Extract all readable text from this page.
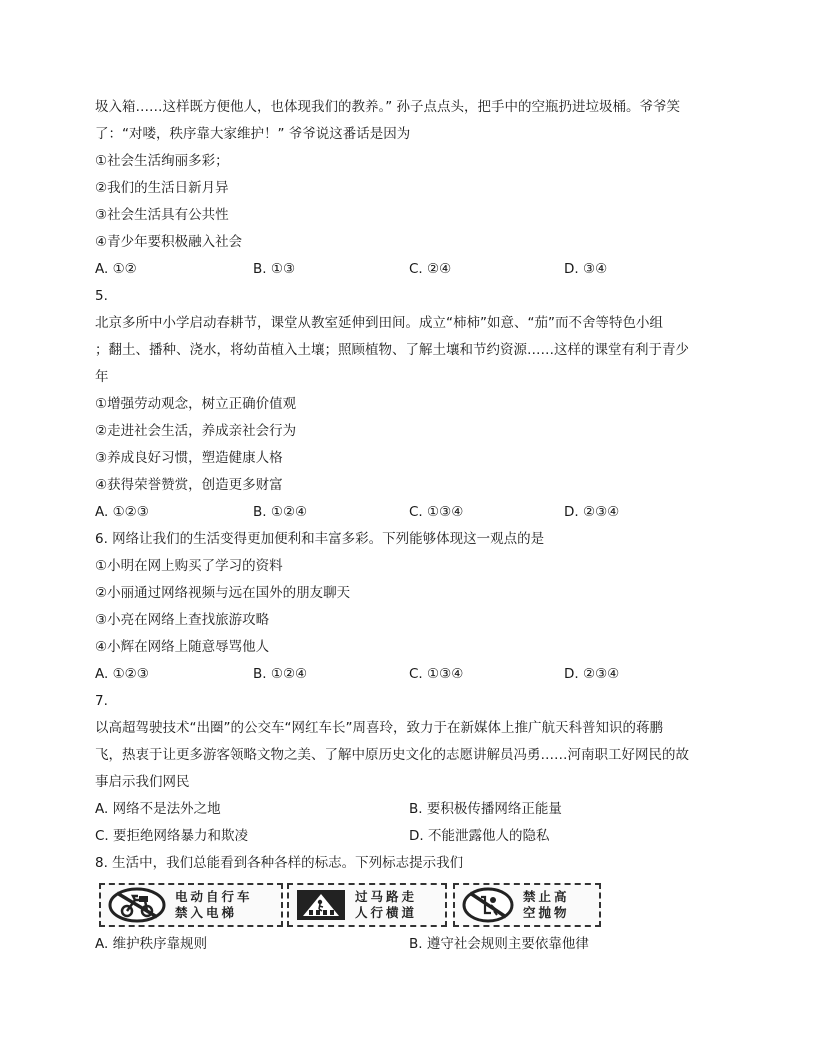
圾入箱……这样既方便他人，也体现我们的教养。” 孙子点点头，把手中的空瓶扔进垃圾桶。爷爷笑
了：“对喽，秩序靠大家维护！” 爷爷说这番话是因为
①社会生活绚丽多彩；
②我们的生活日新月异
③社会生活具有公共性
④青少年要积极融入社会
A. ①②	B. ①③	C. ②④	D. ③④
5.
北京多所中小学启动春耕节，课堂从教室延伸到田间。成立“柿柿”如意、“茄”而不舍等特色小组
；翻土、播种、浇水，将幼苗植入土壤；照顾植物、了解土壤和节约资源……这样的课堂有利于青少
年
①增强劳动观念，树立正确价值观
②走进社会生活，养成亲社会行为
③养成良好习惯，塑造健康人格
④获得荣誉赞赏，创造更多财富
A. ①②③	B. ①②④	C. ①③④	D. ②③④
6. 网络让我们的生活变得更加便利和丰富多彩。下列能够体现这一观点的是
①小明在网上购买了学习的资料
②小丽通过网络视频与远在国外的朋友聊天
③小亮在网络上查找旅游攻略
④小辉在网络上随意辱骂他人
A. ①②③	B. ①②④	C. ①③④	D. ②③④
7.
以高超驾驶技术“出圈”的公交车“网红车长”周喜玲，致力于在新媒体上推广航天科普知识的蒋鹏
飞，热衷于让更多游客领略文物之美、了解中原历史文化的志愿讲解员冯勇……河南职工好网民的故
事启示我们网民
A. 网络不是法外之地	B. 要积极传播网络正能量
C. 要拒绝网络暴力和欺凌	D. 不能泄露他人的隐私
8. 生活中，我们总能看到各种各样的标志。下列标志提示我们
电动自行车
禁入电梯
过马路走
人行横道
禁止高
空抛物
A. 维护秩序靠规则	B. 遵守社会规则主要依靠他律
